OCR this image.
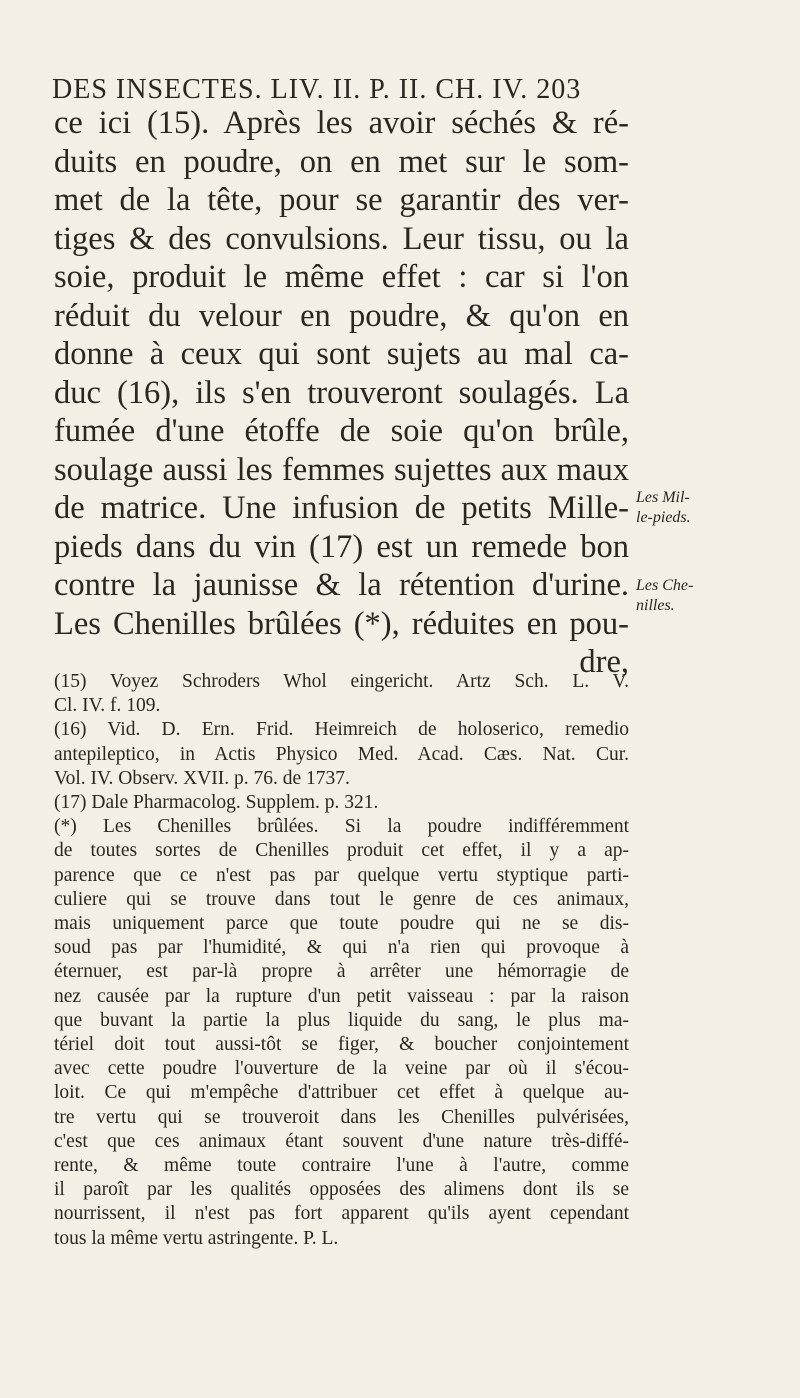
DES INSECTES. LIV. II. P. II. CH. IV. 203
ce ici (15). Après les avoir séchés & ré-
duits en poudre, on en met sur le som-
met de la tête, pour se garantir des ver-
tiges & des convulsions. Leur tissu, ou la
soie, produit le même effet : car si l'on
réduit du velour en poudre, & qu'on en
donne à ceux qui sont sujets au mal ca-
duc (16), ils s'en trouveront soulagés. La
fumée d'une étoffe de soie qu'on brûle,
soulage aussi les femmes sujettes aux maux
de matrice. Une infusion de petits Mille-
pieds dans du vin (17) est un remede bon
contre la jaunisse & la rétention d'urine.
Les Chenilles brûlées (*), réduites en pou-
dre,
Les Mil-
le-pieds.
Les Che-
nilles.
(15) Voyez Schroders Whol eingericht. Artz Sch. L. V.
Cl. IV. f. 109.
(16) Vid. D. Ern. Frid. Heimreich de holoserico, remedio
antepileptico, in Actis Physico Med. Acad. Cæs. Nat. Cur.
Vol. IV. Observ. XVII. p. 76. de 1737.
(17) Dale Pharmacolog. Supplem. p. 321.
(*) Les Chenilles brûlées. Si la poudre indifféremment
de toutes sortes de Chenilles produit cet effet, il y a ap-
parence que ce n'est pas par quelque vertu styptique parti-
culiere qui se trouve dans tout le genre de ces animaux,
mais uniquement parce que toute poudre qui ne se dis-
soud pas par l'humidité, & qui n'a rien qui provoque à
éternuer, est par-là propre à arrêter une hémorragie de
nez causée par la rupture d'un petit vaisseau : par la raison
que buvant la partie la plus liquide du sang, le plus ma-
tériel doit tout aussi-tôt se figer, & boucher conjointement
avec cette poudre l'ouverture de la veine par où il s'écou-
loit. Ce qui m'empêche d'attribuer cet effet à quelque au-
tre vertu qui se trouveroit dans les Chenilles pulvérisées,
c'est que ces animaux étant souvent d'une nature très-diffé-
rente, & même toute contraire l'une à l'autre, comme
il paroît par les qualités opposées des alimens dont ils se
nourrissent, il n'est pas fort apparent qu'ils ayent cependant
tous la même vertu astringente. P. L.
